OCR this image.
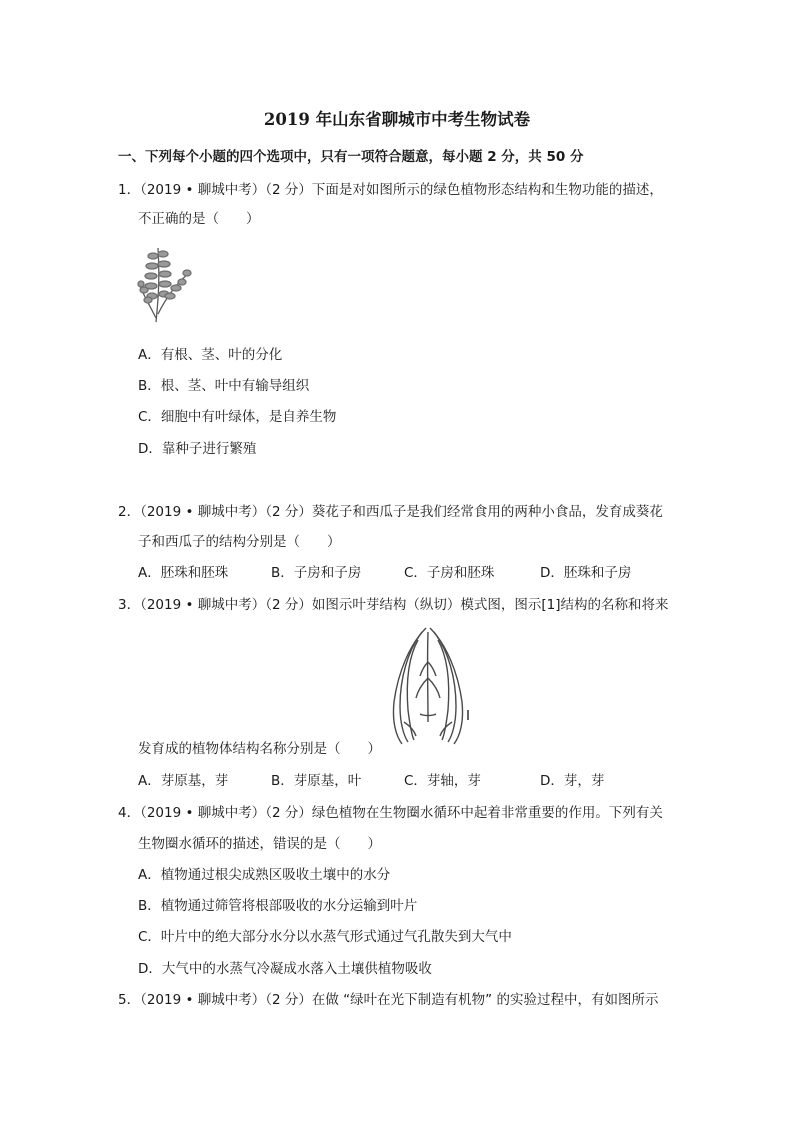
2019 年山东省聊城市中考生物试卷
一、下列每个小题的四个选项中，只有一项符合题意，每小题 2 分，共 50 分
1．（2019 • 聊城中考）（2 分）下面是对如图所示的绿色植物形态结构和生物功能的描述，
不正确的是（　　）
A．有根、茎、叶的分化
B．根、茎、叶中有输导组织
C．细胞中有叶绿体，是自养生物
D．靠种子进行繁殖
2．（2019 • 聊城中考）（2 分）葵花子和西瓜子是我们经常食用的两种小食品，发育成葵花
子和西瓜子的结构分别是（　　）
A．胚珠和胚珠	B．子房和子房	C．子房和胚珠	D．胚珠和子房
3．（2019 • 聊城中考）（2 分）如图示叶芽结构（纵切）模式图，图示[1]结构的名称和将来
1
发育成的植物体结构名称分别是（　　）
A．芽原基，芽	B．芽原基，叶	C．芽轴，芽	D．芽，芽
4．（2019 • 聊城中考）（2 分）绿色植物在生物圈水循环中起着非常重要的作用。下列有关
生物圈水循环的描述，错误的是（　　）
A．植物通过根尖成熟区吸收土壤中的水分
B．植物通过筛管将根部吸收的水分运输到叶片
C．叶片中的绝大部分水分以水蒸气形式通过气孔散失到大气中
D．大气中的水蒸气冷凝成水落入土壤供植物吸收
5．（2019 • 聊城中考）（2 分）在做 “绿叶在光下制造有机物” 的实验过程中，有如图所示
